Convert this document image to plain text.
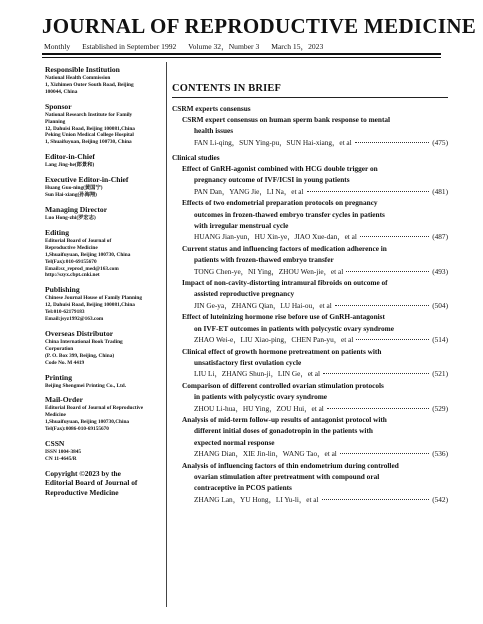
JOURNAL OF REPRODUCTIVE MEDICINE
Monthly Established in September 1992 Volume 32，Number 3 March 15，2023
Responsible Institution
National Health Commission
1, Xizhimen Outer South Road, Beijing
100044, China
Sponsor
National Research Institute for Family
Planning
12, Dahuisi Road, Beijing 100081,China
Peking Union Medical College Hospital
1, Shuaifuyuan, Beijing 100730, China
Editor-in-Chief
Lang Jing-he(郎景和)
Executive Editor-in-Chief
Huang Guo-ning(黄国宁)
Sun Hai-xiang(孙海翔)
Managing Director
Luo Hong-zhi(罗宏志)
Editing
Editorial Board of Journal of
Reproductive Medicine
1,Shuaifuyuan, Beijing 100730, China
Tel(Fax):010-69155670
Email:sz_reprod_med@163.com
http://szyx.cbpt.cnki.net
Publishing
Chinese Journal House of Family Planning
12, Dahuisi Road, Beijing 100081,China
Tel:010-62179183
Email:jsyz1992@163.com
Overseas Distributor
China International Book Trading
Corporation
(P. O. Box 399, Beijing, China)
Code No. M 4419
Printing
Beijing Shengmei Printing Co., Ltd.
Mail-Order
Editorial Board of Journal of Reproductive
Medicine
1,Shuaifuyuan, Beijing 100730,China
Tel(Fax):0086-010-69155670
CSSN
ISSN 1004-3845
CN 11-4645/R
Copyright ©2023 by the
Editorial Board of Journal of
Reproductive Medicine
CONTENTS IN BRIEF
CSRM experts consensus
CSRM expert consensus on human sperm bank response to mental
health issues
FAN Li-qing，SUN Ying-pu，SUN Hai-xiang，et al	(475)
Clinical studies
Effect of GnRH-agonist combined with HCG double trigger on
pregnancy outcome of IVF/ICSI in young patients
PAN Dan，YANG Jie，LI Na，et al	(481)
Effects of two endometrial preparation protocols on pregnancy
outcomes in frozen-thawed embryo transfer cycles in patients
with irregular menstrual cycle
HUANG Jian-yun，HU Xin-ye，JIAO Xue-dan，et al	(487)
Current status and influencing factors of medication adherence in
patients with frozen-thawed embryo transfer
TONG Chen-ye，NI Ying，ZHOU Wen-jie，et al	(493)
Impact of non-cavity-distorting intramural fibroids on outcome of
assisted reproductive pregnancy
JIN Ge-ya，ZHANG Qian，LU Hai-ou，et al	(504)
Effect of luteinizing hormone rise before use of GnRH-antagonist
on IVF-ET outcomes in patients with polycystic ovary syndrome
ZHAO Wei-e，LIU Xiao-ping，CHEN Pan-yu，et al	(514)
Clinical effect of growth hormone pretreatment on patients with
unsatisfactory first ovulation cycle
LIU Li，ZHANG Shun-ji，LIN Ge，et al	(521)
Comparison of different controlled ovarian stimulation protocols
in patients with polycystic ovary syndrome
ZHOU Li-hua，HU Ying，ZOU Hui，et al	(529)
Analysis of mid-term follow-up results of antagonist protocol with
different initial doses of gonadotropin in the patients with
expected normal response
ZHANG Dian，XIE Jin-lin，WANG Tao，et al	(536)
Analysis of influencing factors of thin endometrium during controlled
ovarian stimulation after pretreatment with compound oral
contraceptive in PCOS patients
ZHANG Lan，YU Hong，LI Yu-li，et al	(542)
